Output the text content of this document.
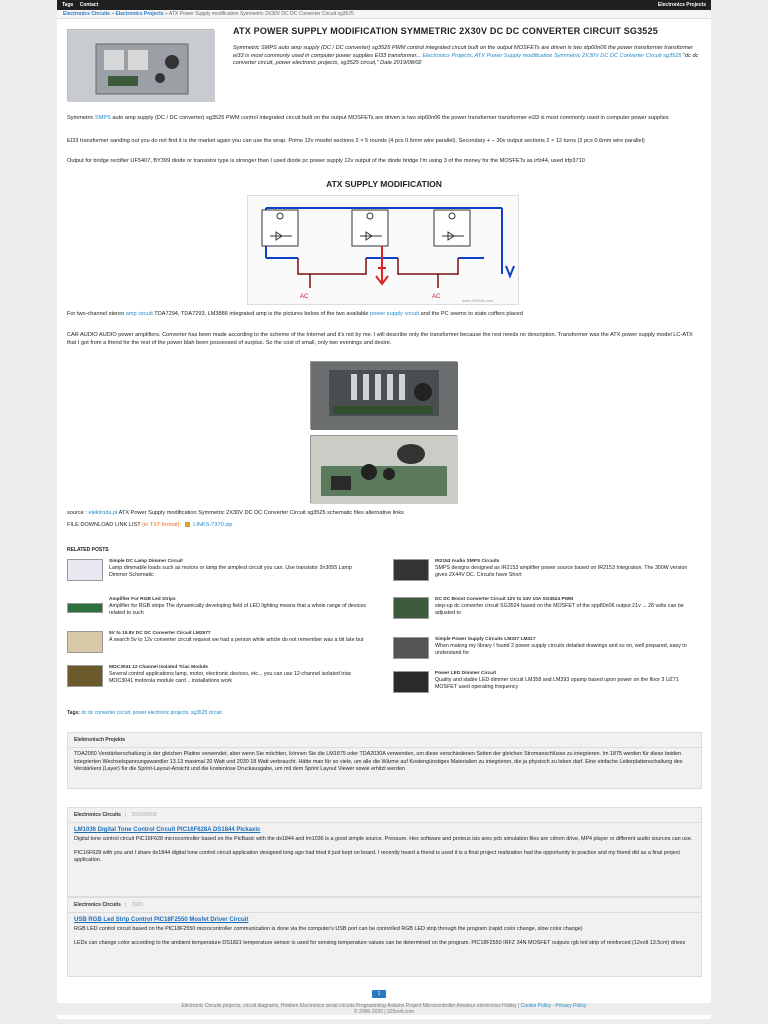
Tags Contact	Electronics Projects
Electronics Circuits » Electronics Projects » ATX Power Supply modification Symmetric 2X30V DC DC Converter Circuit sg3525
ATX POWER SUPPLY MODIFICATION SYMMETRIC 2X30V DC DC CONVERTER CIRCUIT SG3525
Symmetric SMPS auto amp supply (DC / DC converter) sg3525 PWM control integrated circuit built on the output MOSFETs are driven is two stp60n06 the power transformer transformer ei33 is most commonly used in computer power supplies EI33 transformer... Electronics Projects, ATX Power Supply modification Symmetric 2X30V DC DC Converter Circuit sg3525 "dc dc converter circuit, power electronic projects, sg3525 circuit," Date 2019/08/02
Symmetric SMPS auto amp supply (DC / DC converter) sg3525 PWM control integrated circuit built on the output MOSFETs are driven is two stp60n06 the power transformer transformer ei33 is most commonly used in computer power supplies
EI33 transformer sanding out you do not find it is the market again you can use the wrap. Prime 12v mosfet sections 2 × 5 rounds (4 pcs 0.6mm wire parallel). Secondary + − 30v output sections 2 × 12 turns (2 pcs 0.6mm wire parallel)
Output for bridge rectifier UF5407, BY399 diode or transistor type is stronger than I used diode pc power supply 12v output of the diode bridge I'm using 3 of the money for the MOSFETs as irfz44, used irfp3710
ATX SUPPLY MODIFICATION
AC	AC
www.320volt.com
For two-channel stereo amp circuit TDA7294, TDA7293, LM3886 integrated amp is the pictures below of the two available power supply circuit and the PC seems to state coffers placed
CAR AUDIO AUDIO power amplifiers. Converter has been made according to the scheme of the Internet and it's not by me. I will describe only the transformer because the rest needs no description. Transformer was the ATX power supply model LC-ATX that I got from a friend for the rest of the power blah been possessed of surplus. So the cost of small, only two evenings and desire.
source : elektroda.pl ATX Power Supply modification Symmetric 2X30V DC DC Converter Circuit sg3525 schematic files alternative links
FILE DOWNLOAD LINK LIST (in TXT format): LINKS-7370.zip
RELATED POSTS
Simple DC Lamp Dimmer Circuit
Lamp dimmable loads such as motors or lamp the simplest circuit you can. Use transistor 2n3055 Lamp Dimmer Schematic
IR2153 Audio SMPS Circuits
SMPS designs designed as IR2153 amplifier power source based on IR2153 Integration. The 300W version gives 2X44V DC. Circuits have Short
Amplifier For RGB Led Strips
Amplifier for RGB strips The dynamically developing field of LED lighting means that a whole range of devices related to such
DC DC Boost Converter Circuit 12V to 24V 10A SG3524 PWM
step-up dc converter circuit SG3524 based on the MOSFET of the spp80n06 output 21v ... 28 volts can be adjusted to
5V to 15.8V DC DC Converter Circuit LM2577
A search 5v to 12v converter circuit request we had a person while article do not remember was a bit late but	Simple Power Supply Circuits LM337 LM317
When making my library I found 2 power supply circuits detailed drawings and so on, well prepared, easy to understand for
MOC3041 12 Channel Isolated Triac Module
Several control applications lamp, motor, electronic devices, etc... you can use 12-channel isolated triac MOC3041 motorola module card .. installations work
Power LED Dimmer Circuit
Quality and stable LED dimmer circuit LM358 and LM393 opamp based upon power on the floor 3 UZ71 MOSFET used operating frequency
Tags: dc dc converter circuit, power electronic projects, sg3525 circuit
Elektronisch Projekte
TDA2050 Verstärkerschaltung is der gleichen Platine verwendet, aber wenn Sie möchten, können Sie die LM1875 oder TDA2030A verwenden, um diese verschiedenen Seiten der gleichen Stromanschlüsse zu integrieren. Im 1875 werden für diese beiden integrierten Wechselspannungswandler 13.13 maximal 20 Watt und 2030 18 Watt verbraucht. Hätte man für so viele, um alle die Wärme auf Kostengünstiges Materialien zu integrieren, die ja physisch zu leben darf. Eine einfache Leiterplattenschaltung des Verstärkers (Layer) für die Sprint-Layout-Ansicht und die kostenlose Druckausgabe, um mit dem Sprint Layout Viewer sowie erhitzt werden
Electronics Circuits | 2016/05/09
LM1036 Digital Tone Control Circuit PIC16F628A DS1844 Pickaxic
Digital tone control circuit PIC16F628 microcontroller based on the PicBasic with the ds1844 and lm1036 is a good simple source. Pressure. Hex software and proteus isis ares pcb simulation files are cdrom drive, MP4 player or different audio sources can use.
PIC16F628 with you and I share ds1844 digital tone control circuit application designed long ago had tried it just kept on board. I recently heard a friend is used it is a final project realization had the opportunity to practice and my friend did as a final project application.
Electronics Circuits | 2020
USB RGB Led Strip Control PIC18F2550 Mosfet Driver Circuit
RGB LED control circuit based on the PIC18F2550 microcontroller communication is done via the computer's USB port can be controlled RGB LED strip through the program (rapid color change, slow color change)
LEDs can change color according to the ambient temperature DS1821 temperature sensor is used for sensing temperature values can be determined on the program. PIC18F2550 IRFZ 34N MOSFET outputs rgb led strip of reinforced (12volt 13.5cm) drives
1
Electronic Circuits projects, circuit diagrams, Hobben Electronics serial circuits Programming Arduino Project Microcontroller Amateur electronics Hobby | Cookie Policy - Privacy Policy
© 2006-2020 | 320volt.com
